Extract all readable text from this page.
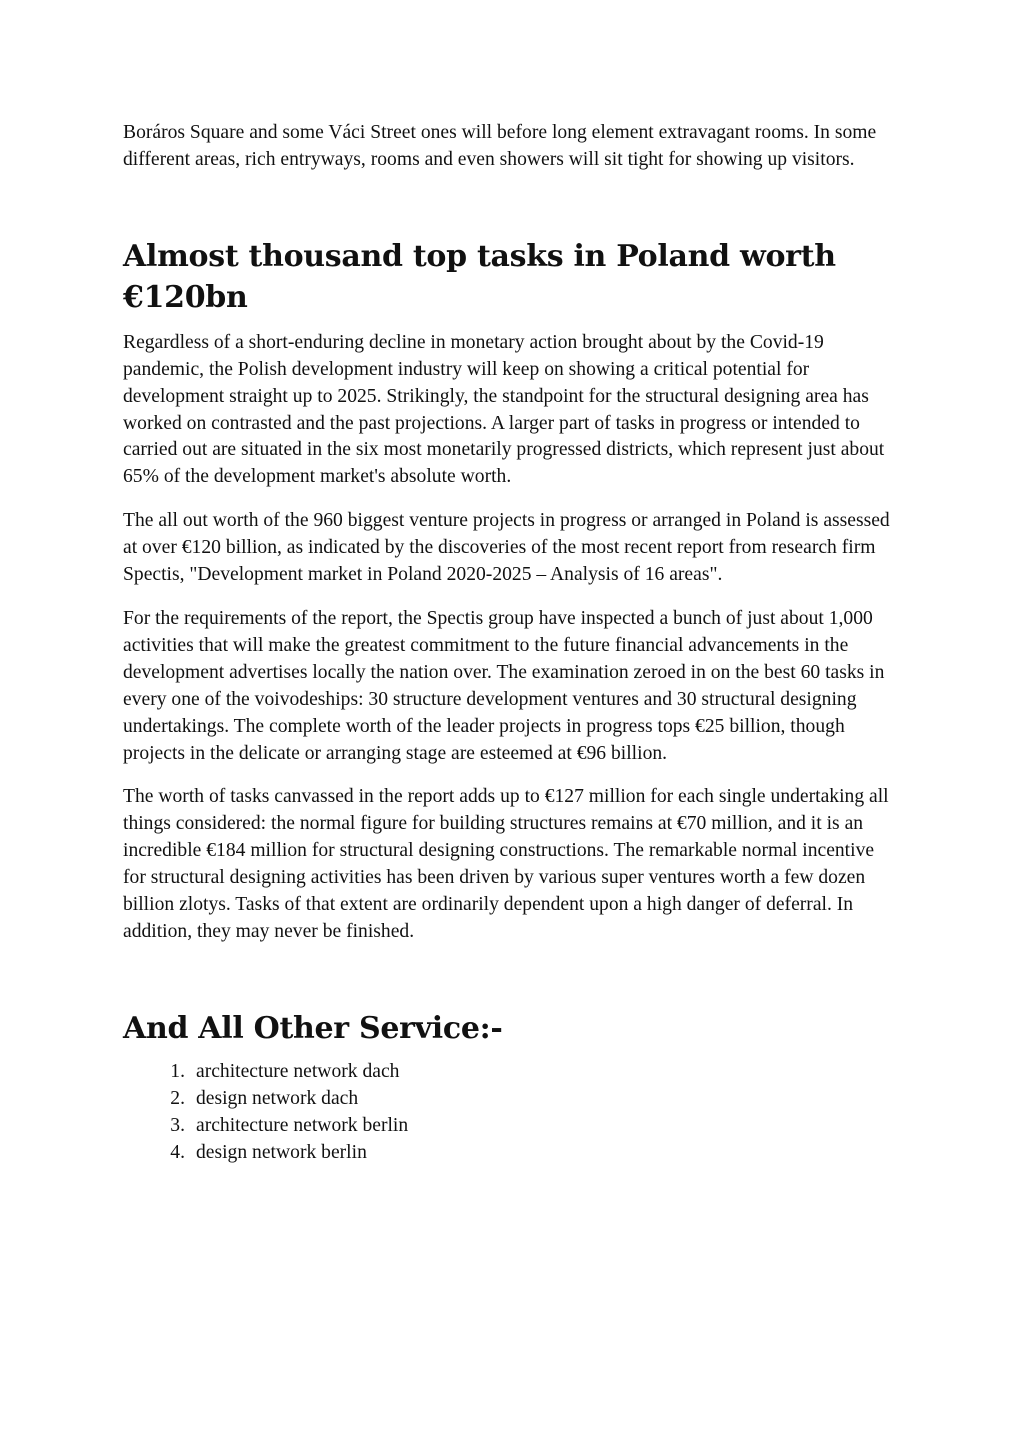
Boráros Square and some Váci Street ones will before long element extravagant rooms. In some different areas, rich entryways, rooms and even showers will sit tight for showing up visitors.

Almost thousand top tasks in Poland worth €120bn

Regardless of a short-enduring decline in monetary action brought about by the Covid-19 pandemic, the Polish development industry will keep on showing a critical potential for development straight up to 2025. Strikingly, the standpoint for the structural designing area has worked on contrasted and the past projections. A larger part of tasks in progress or intended to carried out are situated in the six most monetarily progressed districts, which represent just about 65% of the development market's absolute worth.

The all out worth of the 960 biggest venture projects in progress or arranged in Poland is assessed at over €120 billion, as indicated by the discoveries of the most recent report from research firm Spectis, "Development market in Poland 2020-2025 – Analysis of 16 areas".

For the requirements of the report, the Spectis group have inspected a bunch of just about 1,000 activities that will make the greatest commitment to the future financial advancements in the development advertises locally the nation over. The examination zeroed in on the best 60 tasks in every one of the voivodeships: 30 structure development ventures and 30 structural designing undertakings. The complete worth of the leader projects in progress tops €25 billion, though projects in the delicate or arranging stage are esteemed at €96 billion.

The worth of tasks canvassed in the report adds up to €127 million for each single undertaking all things considered: the normal figure for building structures remains at €70 million, and it is an incredible €184 million for structural designing constructions. The remarkable normal incentive for structural designing activities has been driven by various super ventures worth a few dozen billion zlotys. Tasks of that extent are ordinarily dependent upon a high danger of deferral. In addition, they may never be finished.

And All Other Service:-
1. architecture network dach
2. design network dach
3. architecture network berlin
4. design network berlin
